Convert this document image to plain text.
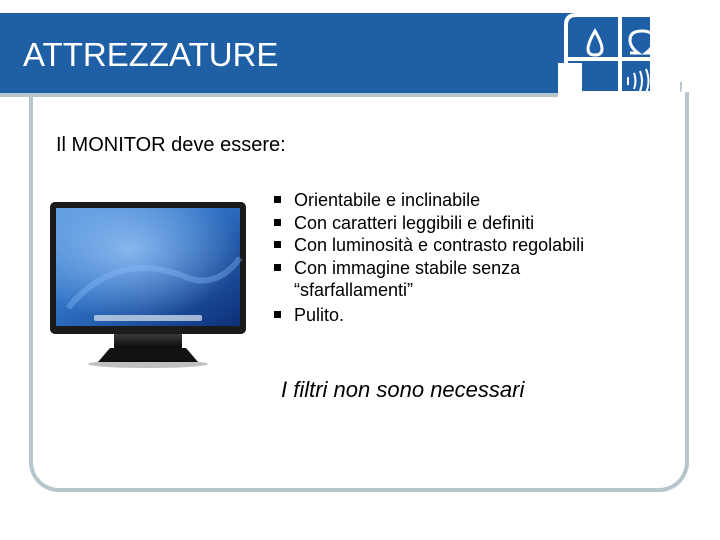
ATTREZZATURE
Il MONITOR deve essere:
Orientabile e inclinabile
Con caratteri leggibili e definiti
Con luminosità e contrasto regolabili
Con immagine stabile senza “sfarfallamenti”
Pulito.
I filtri non sono necessari
